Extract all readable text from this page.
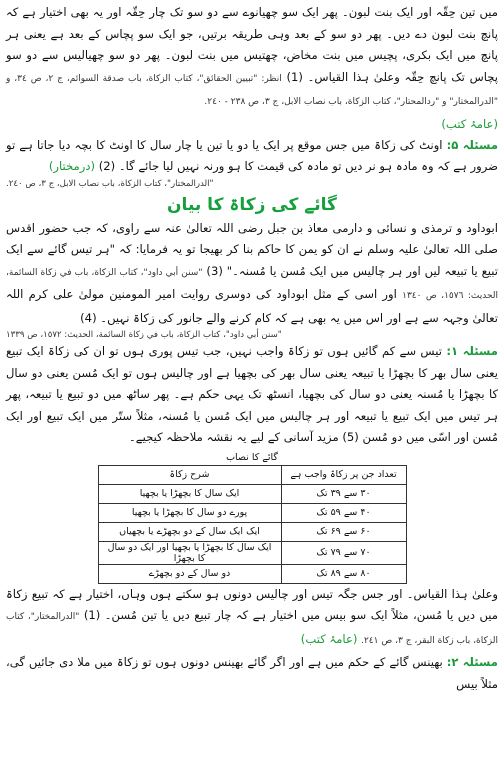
میں تین حِقّہ اور ایک بنت لبون۔ پھر ایک سو چھیانوے سے دو سو تک چار حِقّہ اور یہ بھی اختیار ہے کہ پانچ بنت لبون دے دیں۔ پھر دو سو کے بعد وہی طریقہ برتیں، جو ایک سو پچاس کے بعد ہے یعنی ہر پانچ میں ایک بکری، پچیس میں بنت مخاض، چھتیس میں بنت لبون۔ پھر دو سو چھیالیس سے دو سو پچاس تک پانچ حِقّہ وعلیٰ ہذا القیاس۔ (1) انظر: "تبيين الحقائق"، كتاب الزكاة، باب صدقة السوائم، ج ٢، ص ٣٤، و "الدرالمختار" و "ردالمحتار"، كتاب الزكاة، باب نصاب الابل، ج ٣، ص ٢٣٨ - ٢٤٠.

(عامۂ کتب)

مسئلہ ۵: اونٹ کی زکاۃ میں جس موقع پر ایک یا دو یا تین یا چار سال کا اونٹ کا بچہ دیا جاتا ہے تو ضرور ہے کہ وہ مادہ ہو نر دیں تو مادہ کی قیمت کا ہو ورنہ نہیں لیا جائے گا۔ (2) (درمختار)

"الدرالمختار"، كتاب الزكاة، باب نصاب الابل، ج ٣، ص ٢٤٠.

گائے کی زکاۃ کا بیان

ابوداود و ترمذی و نسائی و دارمی معاذ بن جبل رضی اللہ تعالیٰ عنہ سے راوی، کہ جب حضور اقدس صلی اللہ تعالیٰ علیہ وسلم نے ان کو یمن کا حاکم بنا کر بھیجا تو یہ فرمایا: کہ "ہر تیس گائے سے ایک تبیع یا تبیعہ لیں اور ہر چالیس میں ایک مُسن یا مُسنہ۔" (3) "سنن أبي داود"، كتاب الزكاة، باب في زكاة السائمة، الحديث: ١٥٧٦، ص ١٣٤٠ اور اسی کے مثل ابوداود کی دوسری روایت امیر المومنین مولیٰ علی کرم اللہ تعالیٰ وجہہ سے ہے اور اس میں یہ بھی ہے کہ کام کرنے والے جانور کی زکاۃ نہیں۔ (4)

"سنن أبي داود"، كتاب الزكاة، باب في زكاة السائمة، الحديث: ١٥٧٢، ص ١٣٣٩

مسئلہ ۱: تیس سے کم گائیں ہوں تو زکاۃ واجب نہیں، جب تیس پوری ہوں تو ان کی زکاۃ ایک تبیع یعنی سال بھر کا بچھڑا یا تبیعہ یعنی سال بھر کی بچھیا ہے اور چالیس ہوں تو ایک مُسن یعنی دو سال کا بچھڑا یا مُسنہ یعنی دو سال کی بچھیا، انسٹھ تک یہی حکم ہے۔ پھر ساٹھ میں دو تبیع یا تبیعہ، پھر ہر تیس میں ایک تبیع یا تبیعہ اور ہر چالیس میں ایک مُسن یا مُسنہ، مثلاً ستّر میں ایک تبیع اور ایک مُسن اور اسّی میں دو مُسن (5) مزید آسانی کے لیے یہ نقشہ ملاحظہ کیجیے۔

گائے کا نصاب
تعداد جن پر زکاۃ واجب ہے	شرح زکاۃ
۳۰ سے ۳۹ تک	ایک سال کا بچھڑا یا بچھیا
۴۰ سے ۵۹ تک	پورے دو سال کا بچھڑا یا بچھیا
۶۰ سے ۶۹ تک	ایک ایک سال کے دو بچھڑے یا بچھیاں
۷۰ سے ۷۹ تک	ایک سال کا بچھڑا یا بچھیا اور ایک دو سال کا بچھڑا
۸۰ سے ۸۹ تک	دو سال کے دو بچھڑے

وعلیٰ ہذا القیاس۔ اور جس جگہ تیس اور چالیس دونوں ہو سکتے ہوں وہاں، اختیار ہے کہ تبیع زکاۃ میں دیں یا مُسن، مثلاً ایک سو بیس میں اختیار ہے کہ چار تبیع دیں یا تین مُسن۔ (1) "الدرالمختار"، كتاب الزكاة، باب زكاة البقر، ج ٣، ص ٢٤١. (عامۂ کتب)

مسئلہ ۲: بھینس گائے کے حکم میں ہے اور اگر گائے بھینس دونوں ہوں تو زکاۃ میں ملا دی جائیں گی، مثلاً بیس
